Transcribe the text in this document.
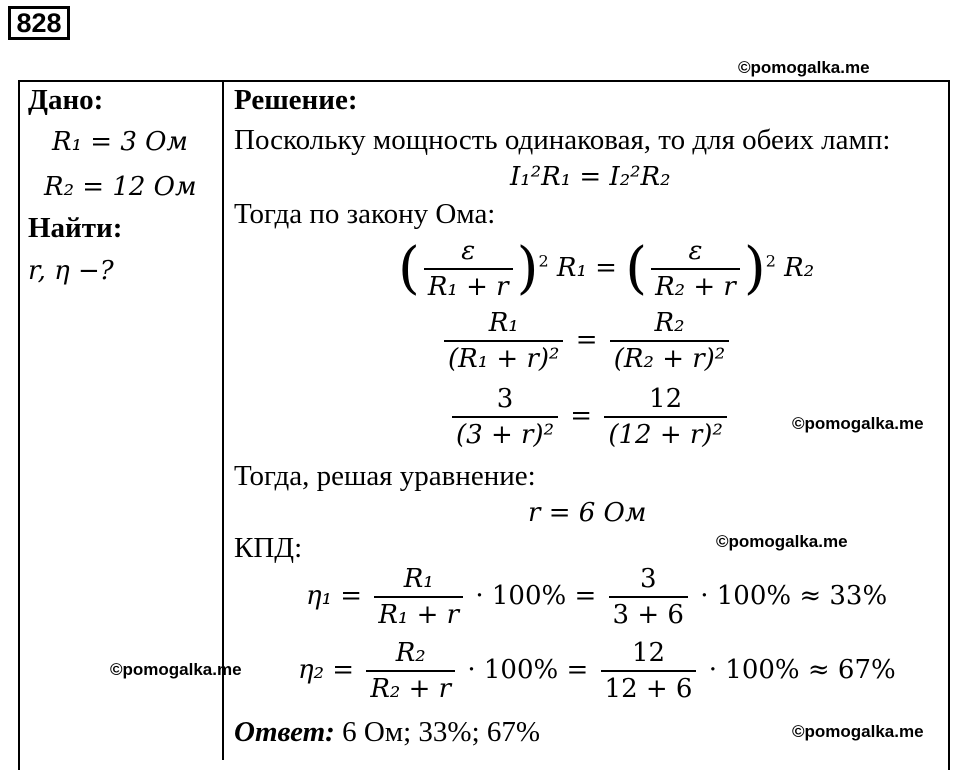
828
©pomogalka.me
Дано:
R₁ = 3 Ом
R₂ = 12 Ом
Найти:
r, η −?
Решение:
Поскольку мощность одинаковая, то для обеих ламп:
I₁²R₁ = I₂²R₂
Тогда по закону Ома:
( $\frac{\varepsilon}{\text{R₁ + r}} )^2$ R₁ = ( $\frac{\varepsilon}{\text{R₂ + r}} )^2$ R₂
$\frac{\text{R₁}}{\text{(R₁ + r)²}} = \frac{\text{R₂}}{\text{(R₂ + r)²}}$
$\frac{3}{\text{(3 + r)²}} = \frac{12}{\text{(12 + r)²}}$	©pomogalka.me
Тогда, решая уравнение:
r = 6 Ом
КПД:	©pomogalka.me
$\eta_1 = \frac{\text{R₁}}{\text{R₁ + r}} \cdot 100\% = \frac{3}{3 + 6} \cdot 100\% \approx 33\%$
$\eta_2 = \frac{\text{R₂}}{\text{R₂ + r}} \cdot 100\% = \frac{12}{12 + 6} \cdot 100\% \approx 67\%$
©pomogalka.me
Ответ: 6 Ом; 33%; 67%	©pomogalka.me
